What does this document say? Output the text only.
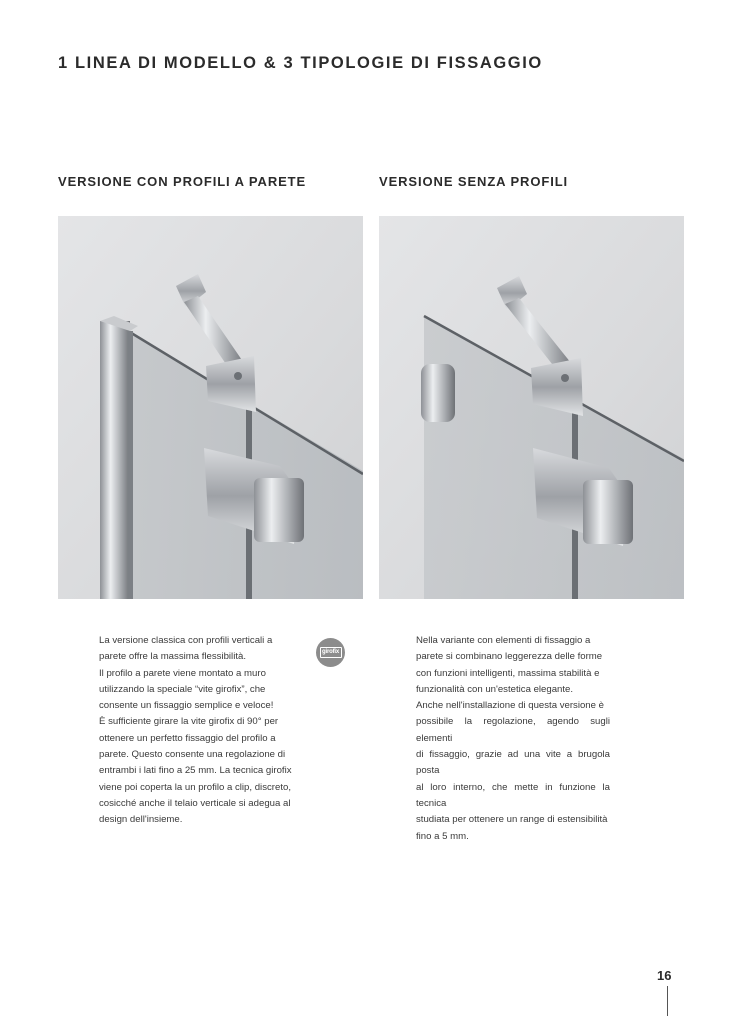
1 LINEA DI MODELLO & 3 TIPOLOGIE DI FISSAGGIO
VERSIONE CON PROFILI A PARETE	VERSIONE SENZA PROFILI

La versione classica con profili verticali a
parete offre la massima flessibilità.
Il profilo a parete viene montato a muro
utilizzando la speciale “vite girofix”, che
consente un fissaggio semplice e veloce!
È sufficiente girare la vite girofix di 90° per
ottenere un perfetto fissaggio del profilo a
parete. Questo consente una regolazione di
entrambi i lati fino a 25 mm. La tecnica girofix
viene poi coperta la un profilo a clip, discreto,
cosicché anche il telaio verticale si adegua al
design dell'insieme.

girofix

Nella variante con elementi di fissaggio a
parete si combinano leggerezza delle forme
con funzioni intelligenti, massima stabilità e
funzionalità con un'estetica elegante.
Anche nell'installazione di questa versione è
possibile la regolazione, agendo sugli elementi
di fissaggio, grazie ad una vite a brugola posta
al loro interno, che mette in funzione la tecnica
studiata per ottenere un range di estensibilità
fino a 5 mm.

16
